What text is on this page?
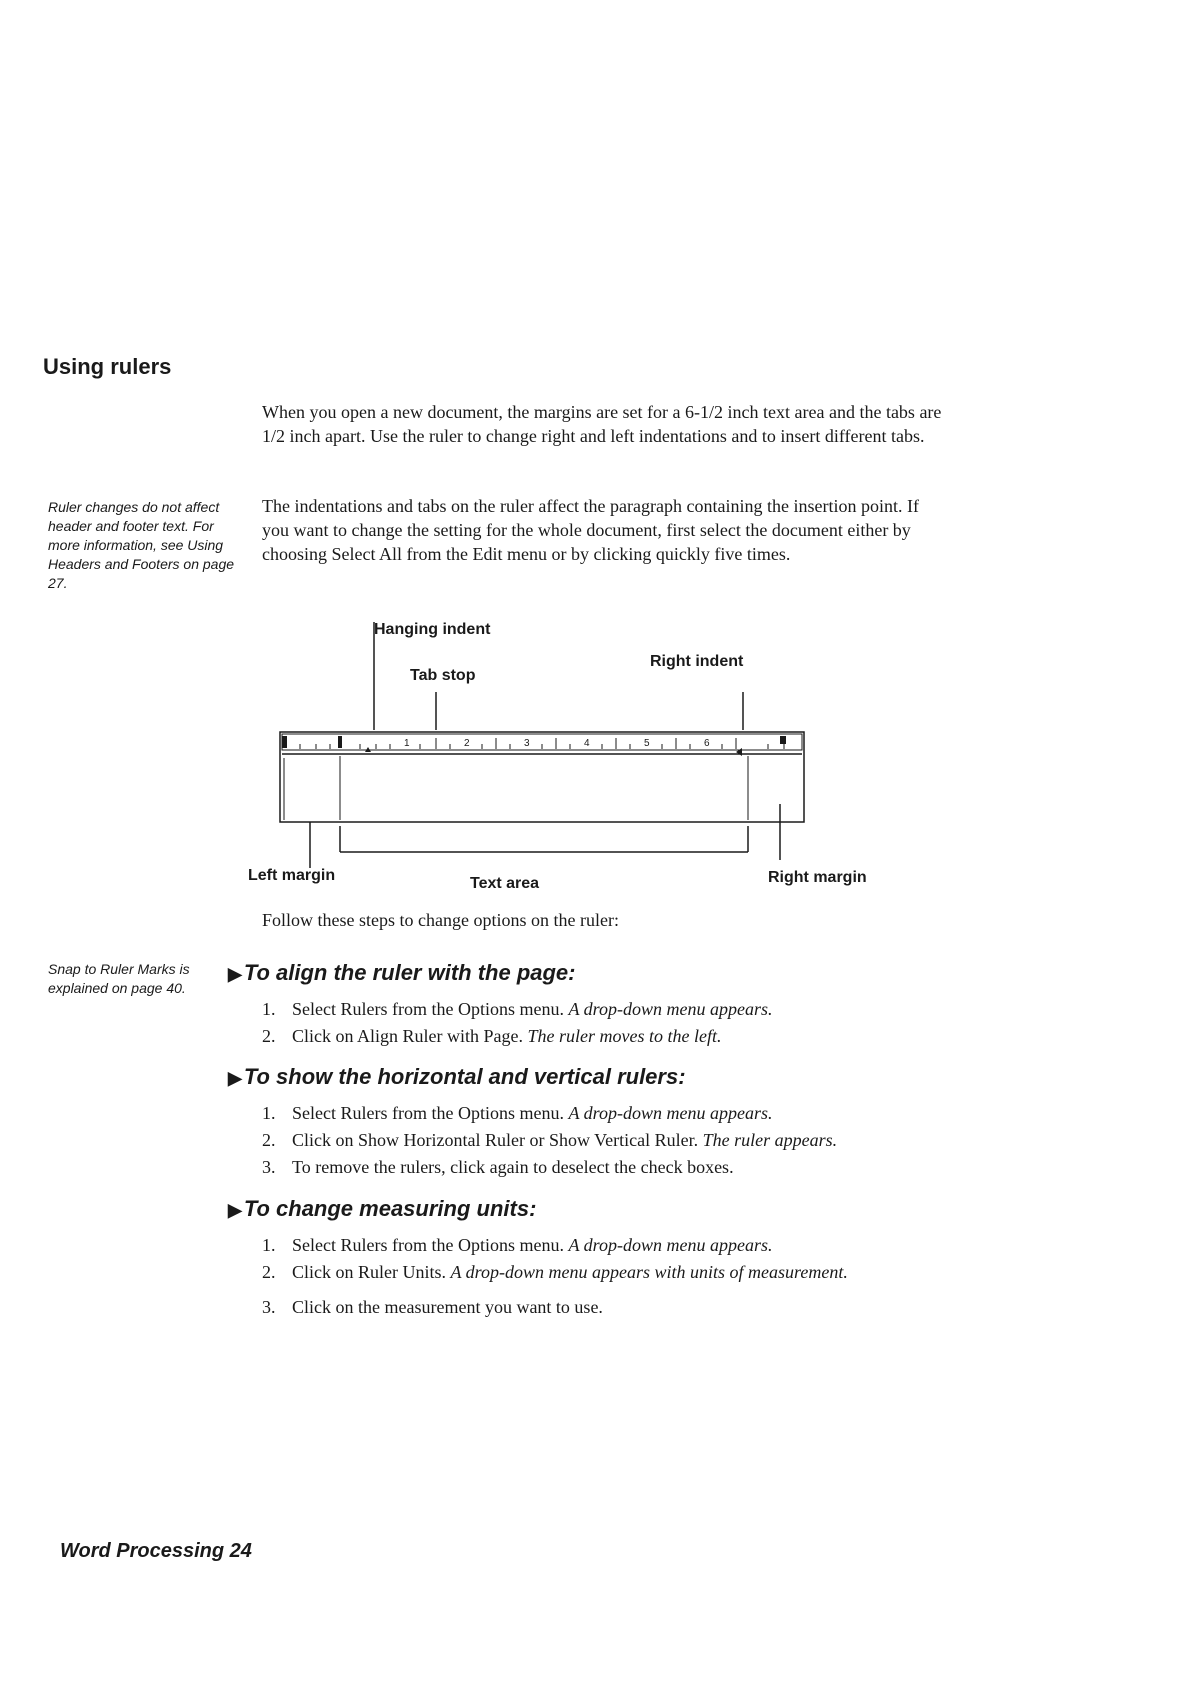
Using rulers

When you open a new document, the margins are set for a 6-1/2 inch text area and the tabs are 1/2 inch apart. Use the ruler to change right and left indentations and to insert different tabs.

The indentations and tabs on the ruler affect the paragraph containing the insertion point. If you want to change the setting for the whole document, first select the document either by choosing Select All from the Edit menu or by clicking quickly five times.

Ruler changes do not affect header and footer text. For more information, see Using Headers and Footers on page 27.

Hanging indent
Tab stop
Right indent
1	2	3	4	5	6
Left margin	Text area	Right margin

Follow these steps to change options on the ruler:

Snap to Ruler Marks is explained on page 40.

▶To align the ruler with the page:
1. Select Rulers from the Options menu. A drop-down menu appears.
2. Click on Align Ruler with Page. The ruler moves to the left.
▶To show the horizontal and vertical rulers:
1. Select Rulers from the Options menu. A drop-down menu appears.
2. Click on Show Horizontal Ruler or Show Vertical Ruler. The ruler appears.
3. To remove the rulers, click again to deselect the check boxes.
▶To change measuring units:
1. Select Rulers from the Options menu. A drop-down menu appears.
2. Click on Ruler Units. A drop-down menu appears with units of measurement.
3. Click on the measurement you want to use.

Word Processing 24
